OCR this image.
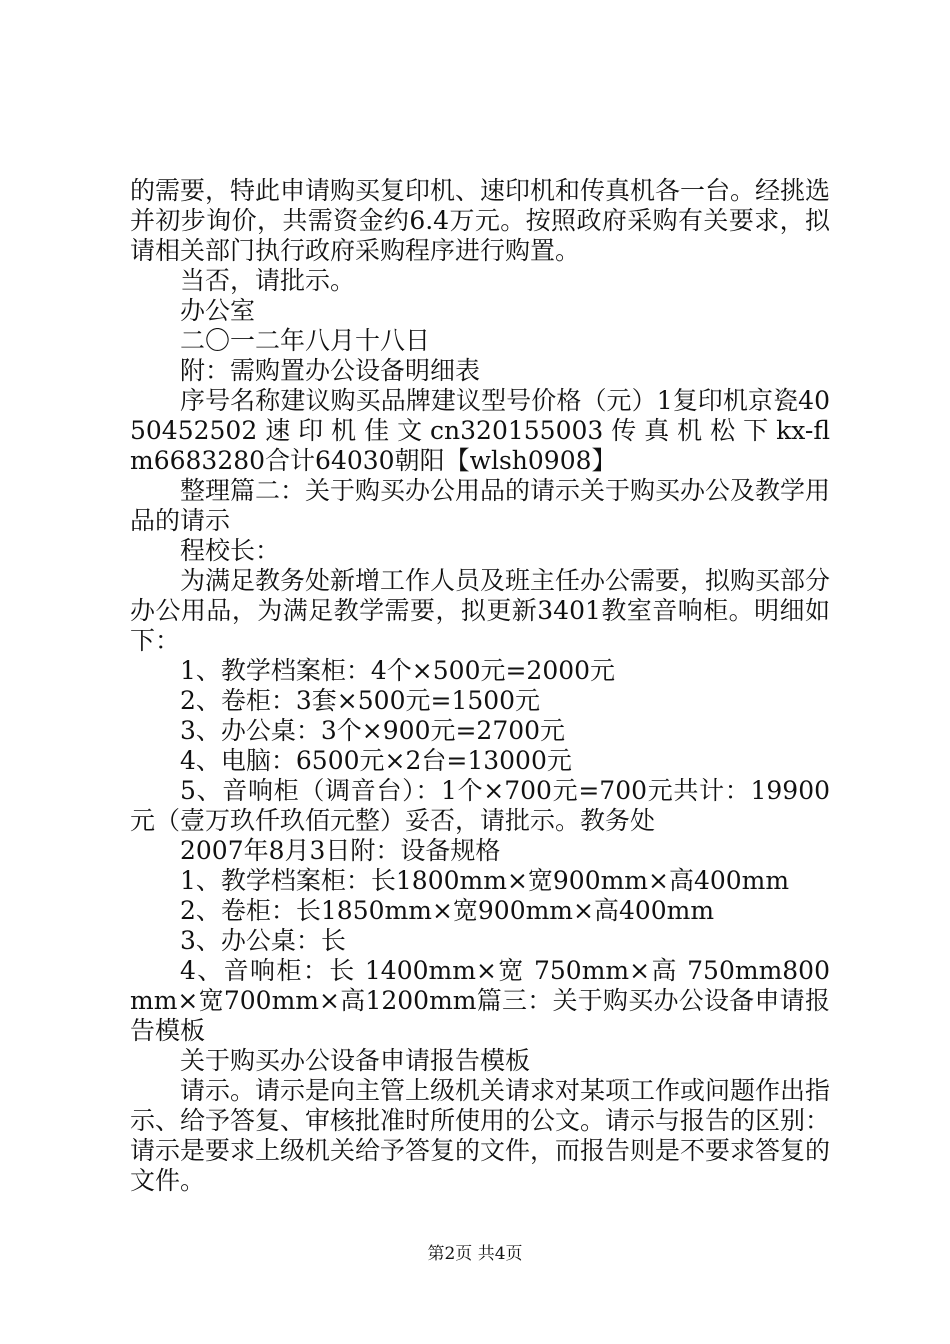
的需要，特此申请购买复印机、速印机和传真机各一台。经挑选并初步询价，共需资金约6.4万元。按照政府采购有关要求，拟请相关部门执行政府采购程序进行购置。

当否，请批示。

办公室

二〇一二年八月十八日

附：需购置办公设备明细表

序号名称建议购买品牌建议型号价格（元）1复印机京瓷4050452502 速 印 机 佳 文 cn320155003 传 真 机 松 下 kx-flm6683280合计64030朝阳【wlsh0908】

整理篇二：关于购买办公用品的请示关于购买办公及教学用品的请示

程校长：

为满足教务处新增工作人员及班主任办公需要，拟购买部分办公用品，为满足教学需要，拟更新3401教室音响柜。明细如下：

1、教学档案柜：4个×500元=2000元

2、卷柜：3套×500元=1500元

3、办公桌：3个×900元=2700元

4、电脑：6500元×2台=13000元

5、音响柜（调音台）：1个×700元=700元共计：19900元（壹万玖仟玖佰元整）妥否，请批示。教务处

2007年8月3日附：设备规格

1、教学档案柜：长1800mm×宽900mm×高400mm

2、卷柜：长1850mm×宽900mm×高400mm

3、办公桌：长

4、音响柜：长 1400mm×宽 750mm×高 750mm800mm×宽700mm×高1200mm篇三：关于购买办公设备申请报告模板

关于购买办公设备申请报告模板

请示。请示是向主管上级机关请求对某项工作或问题作出指示、给予答复、审核批准时所使用的公文。请示与报告的区别：请示是要求上级机关给予答复的文件，而报告则是不要求答复的文件。

第2页 共4页
